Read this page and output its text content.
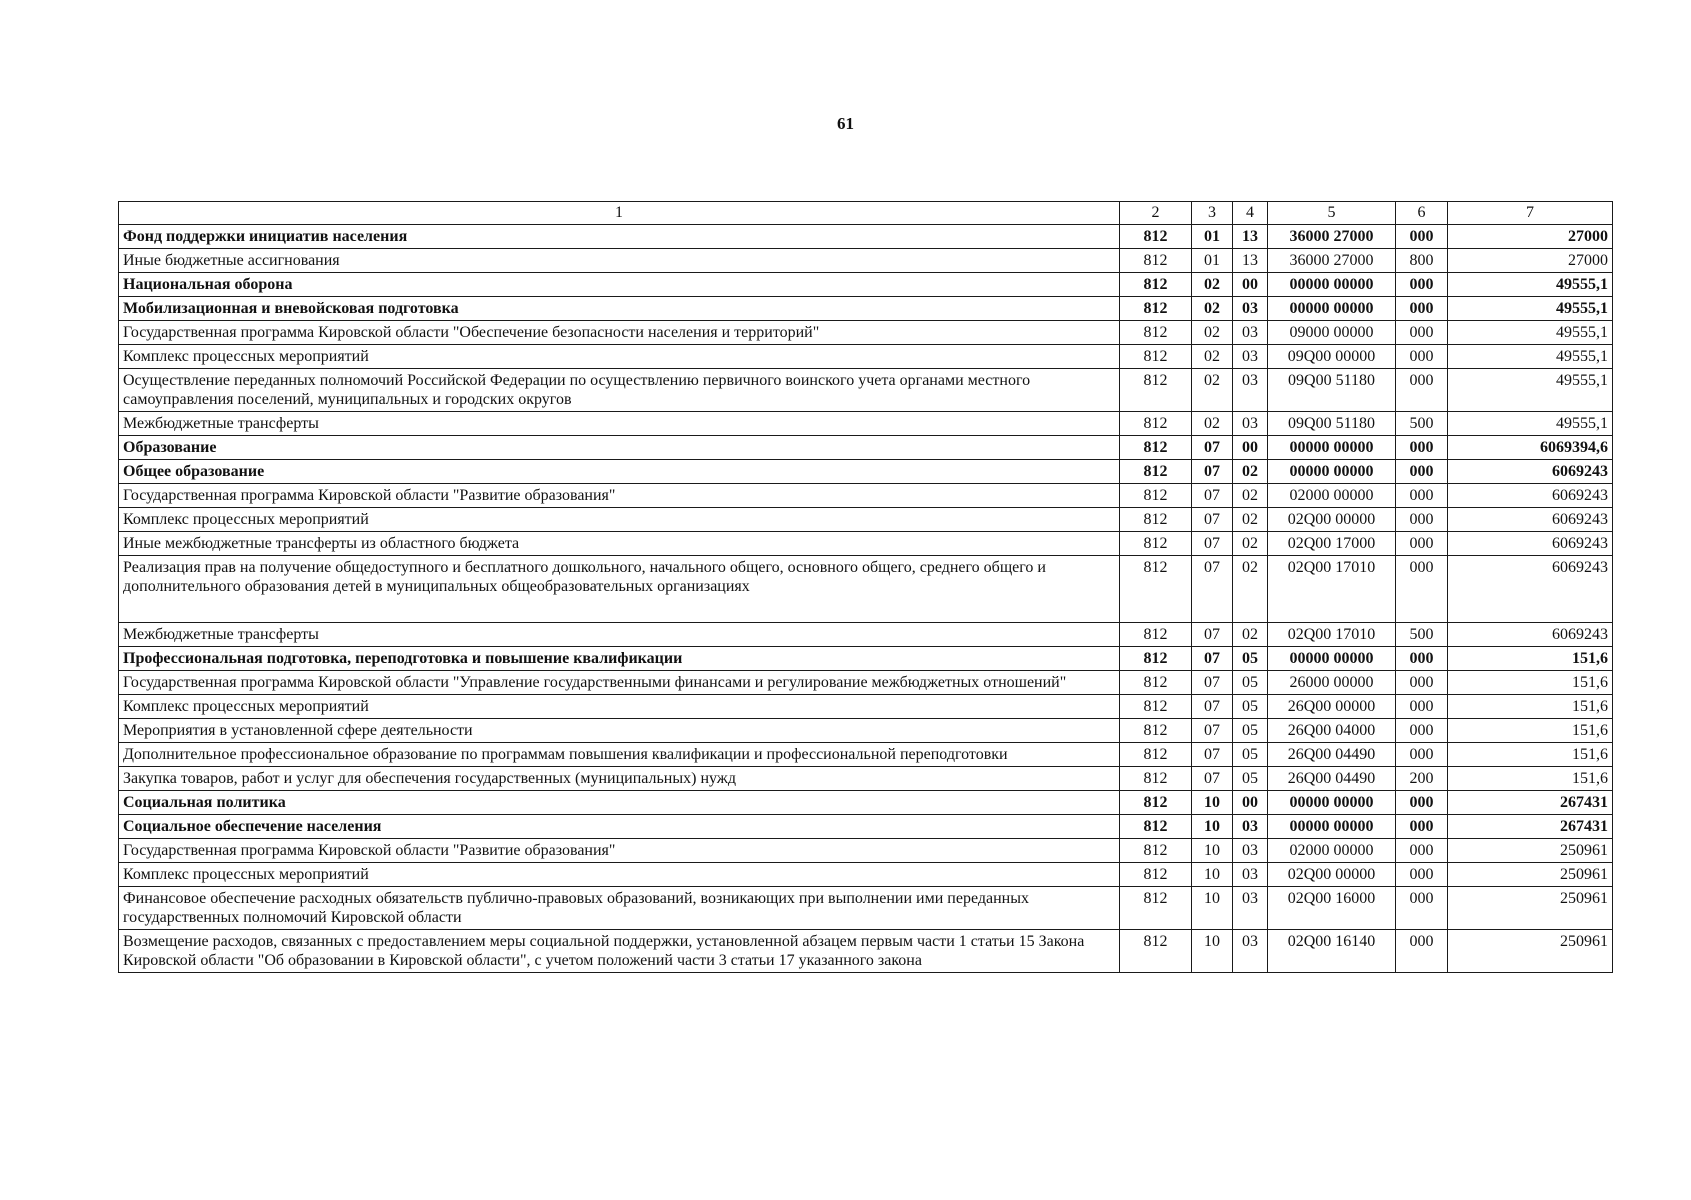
61
1	2	3	4	5	6	7
Фонд поддержки инициатив населения	812	01	13	36000 27000	000	27000
Иные бюджетные ассигнования	812	01	13	36000 27000	800	27000
Национальная оборона	812	02	00	00000 00000	000	49555,1
Мобилизационная и вневойсковая подготовка	812	02	03	00000 00000	000	49555,1
Государственная программа Кировской области "Обеспечение безопасности населения и территорий"	812	02	03	09000 00000	000	49555,1
Комплекс процессных мероприятий	812	02	03	09Q00 00000	000	49555,1
Осуществление переданных полномочий Российской Федерации по осуществлению первичного воинского учета органами местного самоуправления поселений, муниципальных и городских округов	812	02	03	09Q00 51180	000	49555,1
Межбюджетные трансферты	812	02	03	09Q00 51180	500	49555,1
Образование	812	07	00	00000 00000	000	6069394,6
Общее образование	812	07	02	00000 00000	000	6069243
Государственная программа Кировской области "Развитие образования"	812	07	02	02000 00000	000	6069243
Комплекс процессных мероприятий	812	07	02	02Q00 00000	000	6069243
Иные межбюджетные трансферты из областного бюджета	812	07	02	02Q00 17000	000	6069243
Реализация прав на получение общедоступного и бесплатного дошкольного, начального общего, основного общего, среднего общего и дополнительного образования детей в муниципальных общеобразовательных организациях	812	07	02	02Q00 17010	000	6069243
Межбюджетные трансферты	812	07	02	02Q00 17010	500	6069243
Профессиональная подготовка, переподготовка и повышение квалификации	812	07	05	00000 00000	000	151,6
Государственная программа Кировской области "Управление государственными финансами и регулирование межбюджетных отношений"	812	07	05	26000 00000	000	151,6
Комплекс процессных мероприятий	812	07	05	26Q00 00000	000	151,6
Мероприятия в установленной сфере деятельности	812	07	05	26Q00 04000	000	151,6
Дополнительное профессиональное образование по программам повышения квалификации и профессиональной переподготовки	812	07	05	26Q00 04490	000	151,6
Закупка товаров, работ и услуг для обеспечения государственных (муниципальных) нужд	812	07	05	26Q00 04490	200	151,6
Социальная политика	812	10	00	00000 00000	000	267431
Социальное обеспечение населения	812	10	03	00000 00000	000	267431
Государственная программа Кировской области "Развитие образования"	812	10	03	02000 00000	000	250961
Комплекс процессных мероприятий	812	10	03	02Q00 00000	000	250961
Финансовое обеспечение расходных обязательств публично-правовых образований, возникающих при выполнении ими переданных государственных полномочий Кировской области	812	10	03	02Q00 16000	000	250961
Возмещение расходов, связанных с предоставлением меры социальной поддержки, установленной абзацем первым части 1 статьи 15 Закона Кировской области "Об образовании в Кировской области", с учетом положений части 3 статьи 17 указанного закона	812	10	03	02Q00 16140	000	250961
